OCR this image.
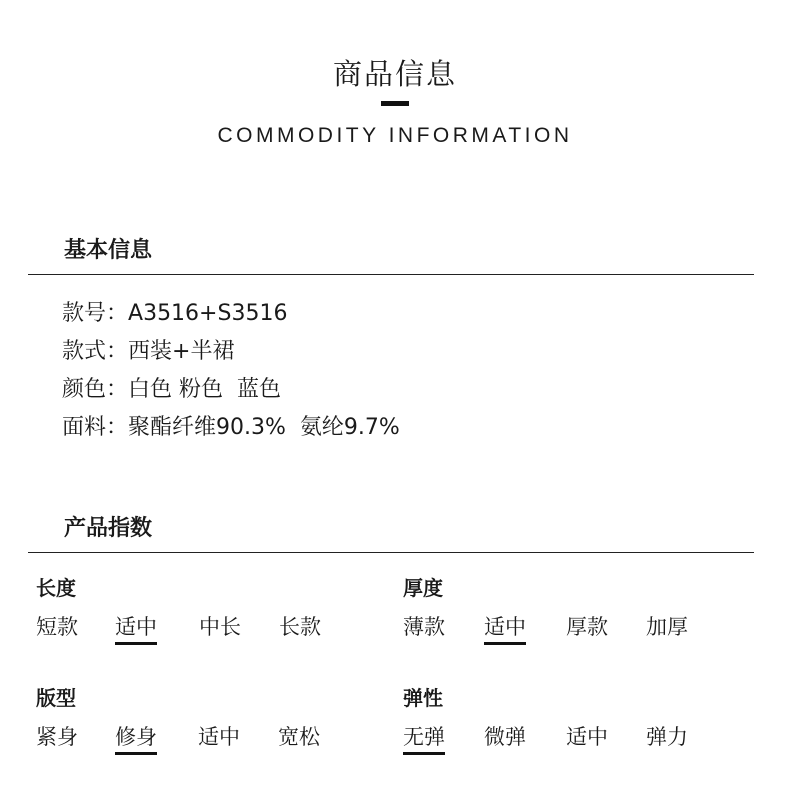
商品信息
COMMODITY INFORMATION
基本信息
款号：A3516+S3516
款式：西装+半裙
颜色：白色 粉色  蓝色
面料：聚酯纤维90.3%  氨纶9.7%
产品指数
长度
短款 适中 中长 长款
厚度
薄款 适中 厚款 加厚
版型
紧身 修身 适中 宽松
弹性
无弹 微弹 适中 弹力
